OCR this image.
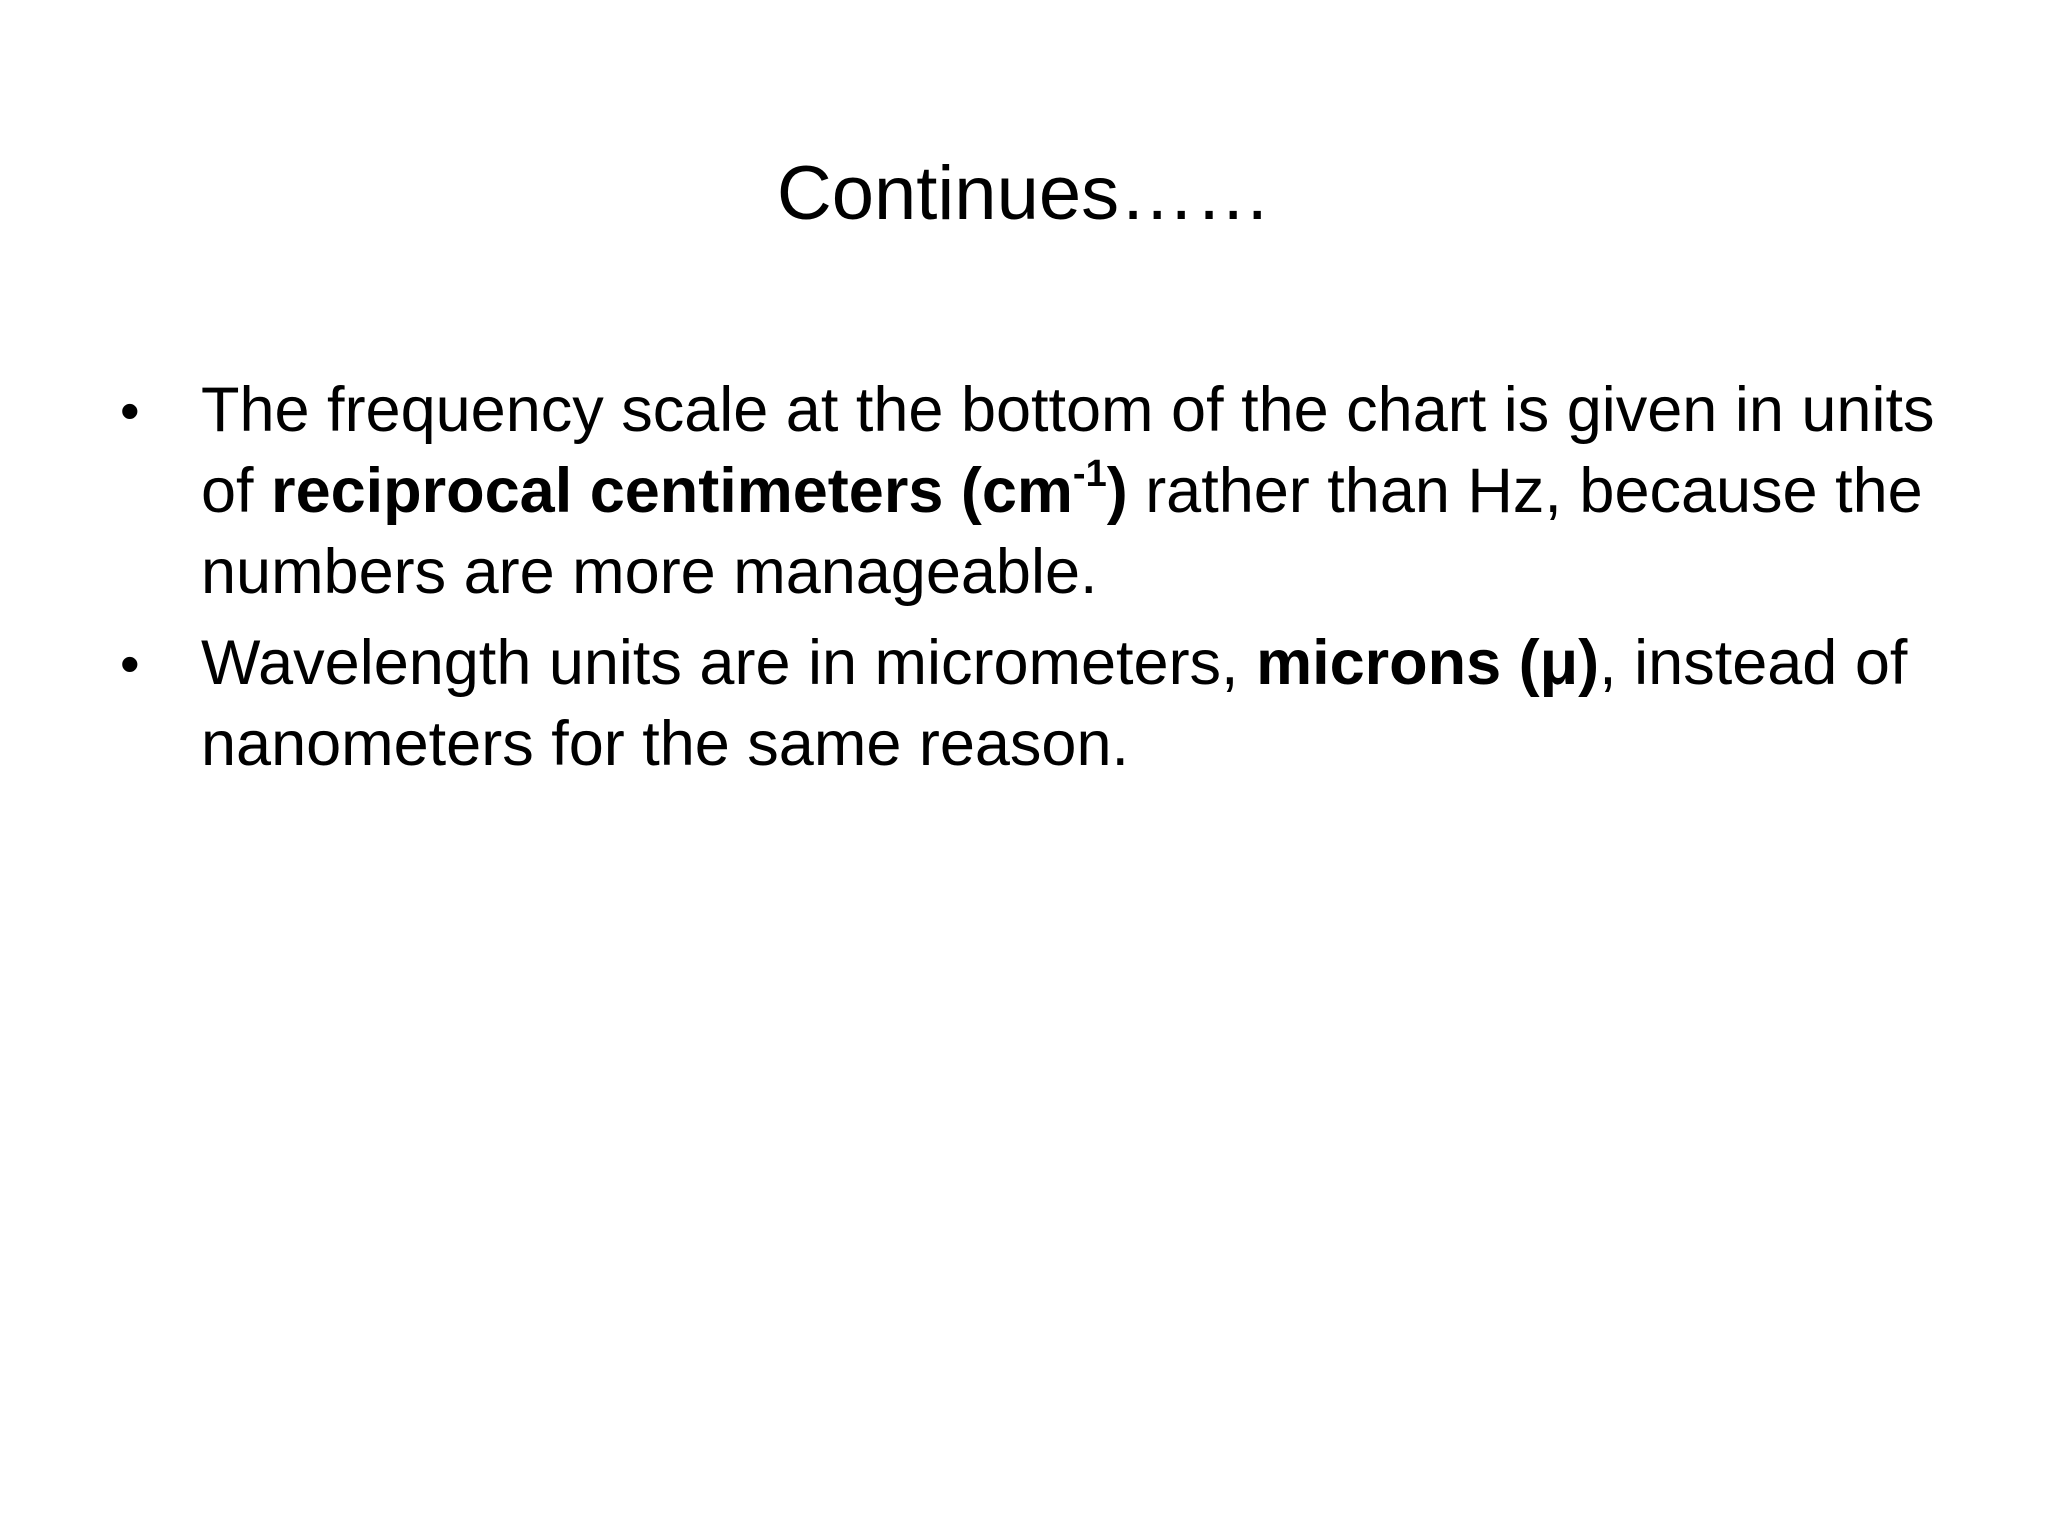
Continues……
• The frequency scale at the bottom of the chart is given in units of reciprocal centimeters $(cm^{-1})$ rather than Hz, because the numbers are more manageable.
• Wavelength units are in micrometers, microns (μ), instead of nanometers for the same reason.
